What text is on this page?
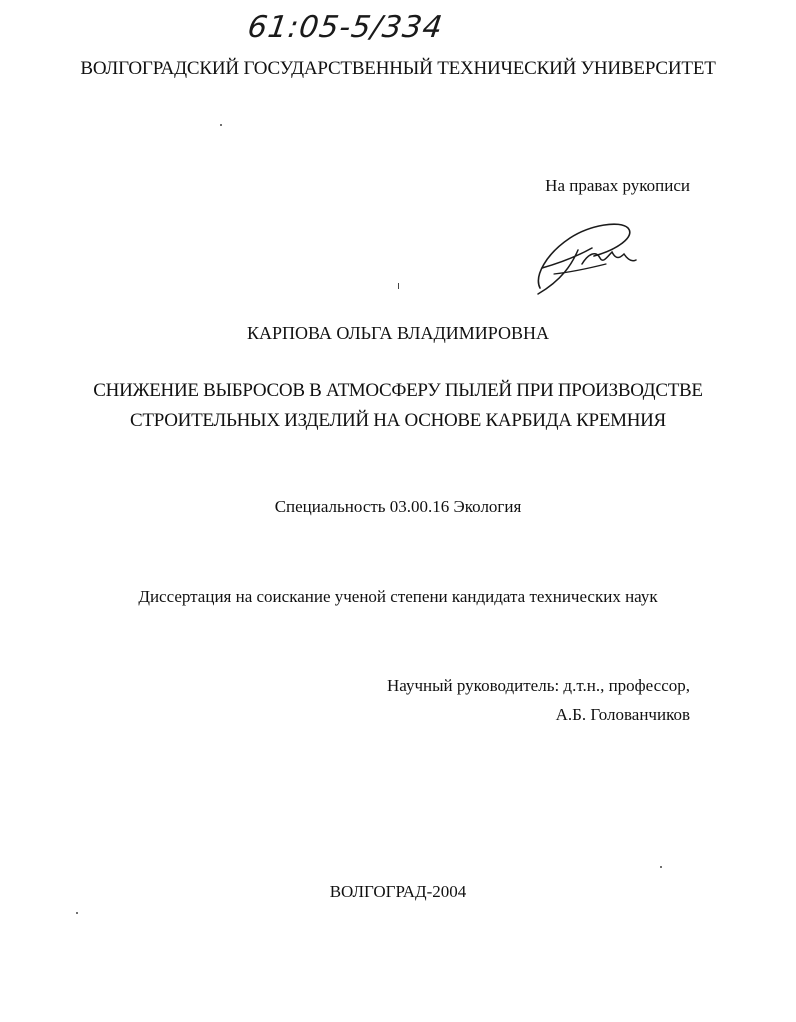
61:05-5/334
ВОЛГОГРАДСКИЙ ГОСУДАРСТВЕННЫЙ ТЕХНИЧЕСКИЙ УНИВЕРСИТЕТ
На правах рукописи
КАРПОВА ОЛЬГА ВЛАДИМИРОВНА
СНИЖЕНИЕ ВЫБРОСОВ В АТМОСФЕРУ ПЫЛЕЙ ПРИ ПРОИЗВОДСТВЕ
СТРОИТЕЛЬНЫХ ИЗДЕЛИЙ НА ОСНОВЕ КАРБИДА КРЕМНИЯ
Специальность 03.00.16 Экология
Диссертация на соискание ученой степени кандидата технических наук
Научный руководитель: д.т.н., профессор,
А.Б. Голованчиков
ВОЛГОГРАД-2004
